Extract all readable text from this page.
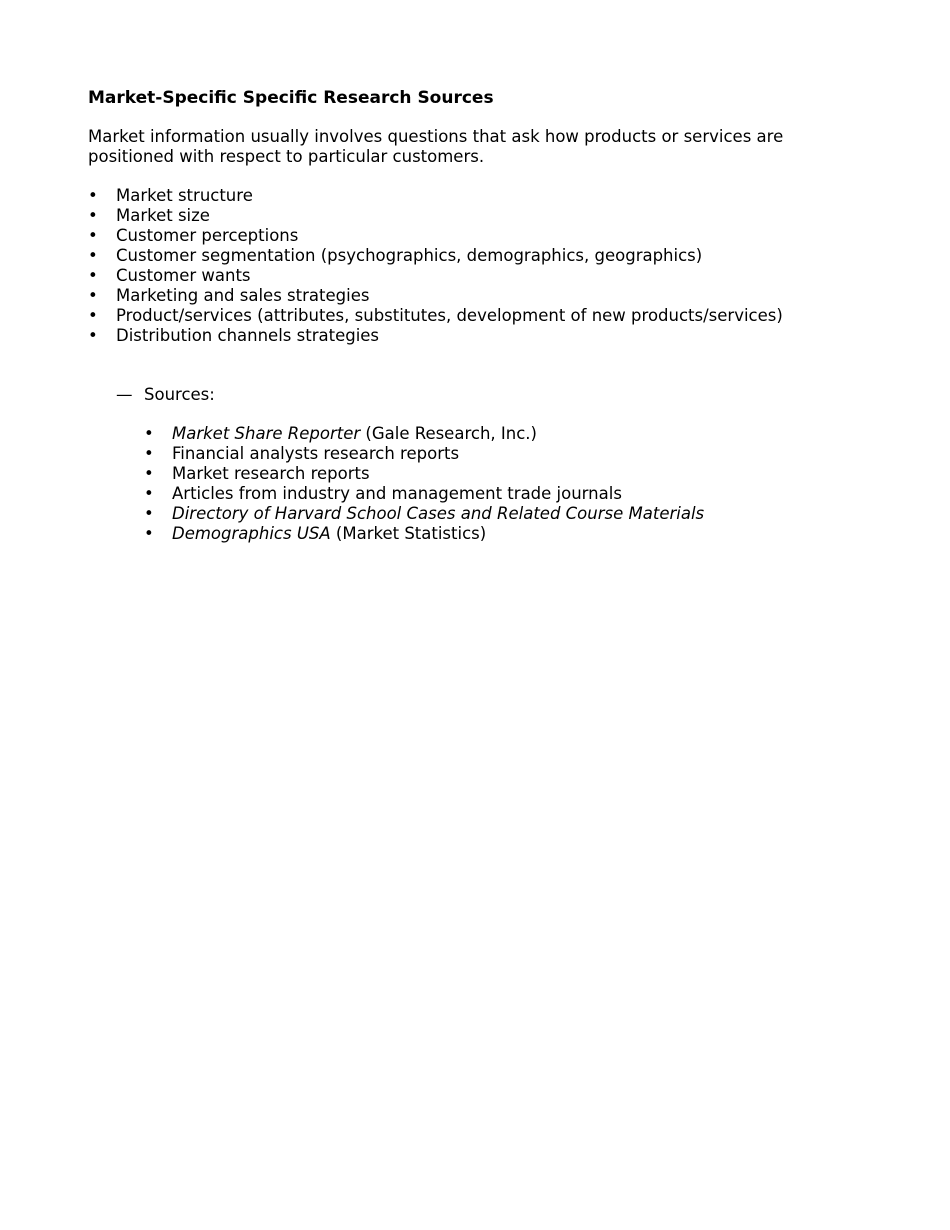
Market-Specific Specific Research Sources

Market information usually involves questions that ask how products or services are positioned with respect to particular customers.

• Market structure
• Market size
• Customer perceptions
• Customer segmentation (psychographics, demographics, geographics)
• Customer wants
• Marketing and sales strategies
• Product/services (attributes, substitutes, development of new products/services)
• Distribution channels strategies
— Sources:
• Market Share Reporter (Gale Research, Inc.)
• Financial analysts research reports
• Market research reports
• Articles from industry and management trade journals
• Directory of Harvard School Cases and Related Course Materials
• Demographics USA (Market Statistics)
